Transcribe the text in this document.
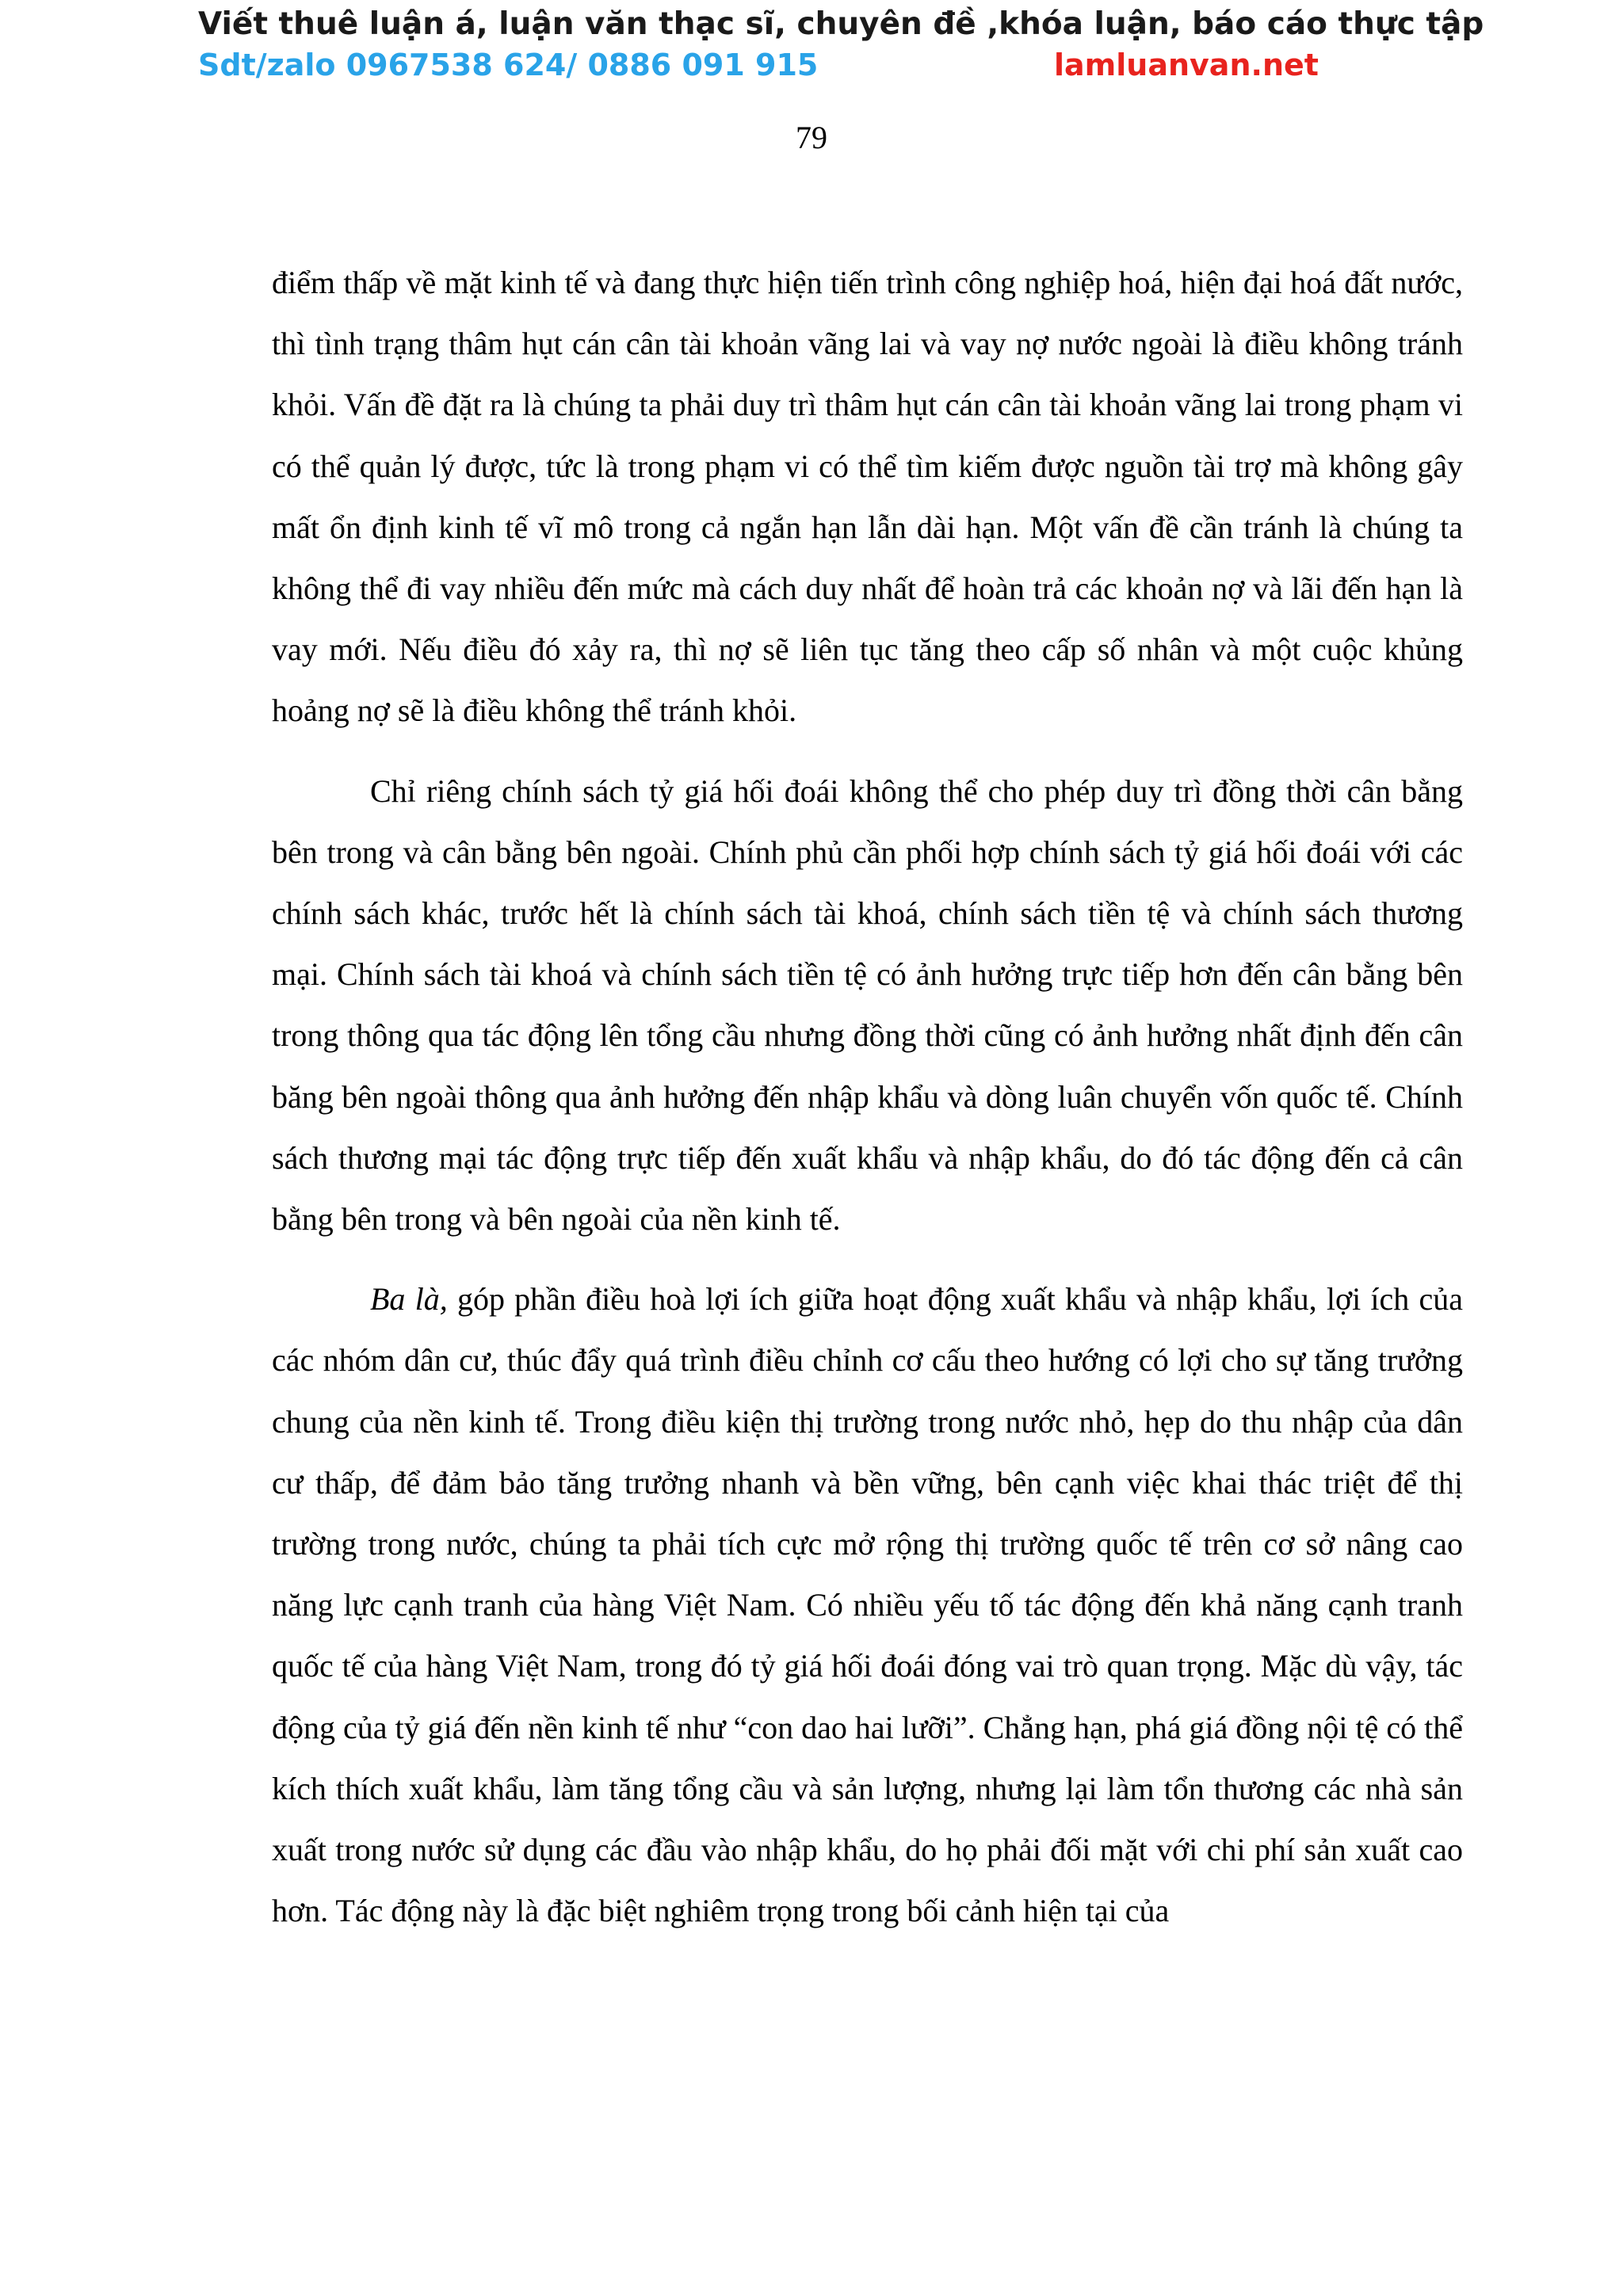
Viết thuê luận á, luận văn thạc sĩ, chuyên đề ,khóa luận, báo cáo thực tập
Sdt/zalo 0967538 624/ 0886 091 915	lamluanvan.net
79

điểm thấp về mặt kinh tế và đang thực hiện tiến trình công nghiệp hoá, hiện đại hoá đất nước, thì tình trạng thâm hụt cán cân tài khoản vãng lai và vay nợ nước ngoài là điều không tránh khỏi. Vấn đề đặt ra là chúng ta phải duy trì thâm hụt cán cân tài khoản vãng lai trong phạm vi có thể quản lý được, tức là trong phạm vi có thể tìm kiếm được nguồn tài trợ mà không gây mất ổn định kinh tế vĩ mô trong cả ngắn hạn lẫn dài hạn. Một vấn đề cần tránh là chúng ta không thể đi vay nhiều đến mức mà cách duy nhất để hoàn trả các khoản nợ và lãi đến hạn là vay mới. Nếu điều đó xảy ra, thì nợ sẽ liên tục tăng theo cấp số nhân và một cuộc khủng hoảng nợ sẽ là điều không thể tránh khỏi.

Chỉ riêng chính sách tỷ giá hối đoái không thể cho phép duy trì đồng thời cân bằng bên trong và cân bằng bên ngoài. Chính phủ cần phối hợp chính sách tỷ giá hối đoái với các chính sách khác, trước hết là chính sách tài khoá, chính sách tiền tệ và chính sách thương mại. Chính sách tài khoá và chính sách tiền tệ có ảnh hưởng trực tiếp hơn đến cân bằng bên trong thông qua tác động lên tổng cầu nhưng đồng thời cũng có ảnh hưởng nhất định đến cân băng bên ngoài thông qua ảnh hưởng đến nhập khẩu và dòng luân chuyển vốn quốc tế. Chính sách thương mại tác động trực tiếp đến xuất khẩu và nhập khẩu, do đó tác động đến cả cân bằng bên trong và bên ngoài của nền kinh tế.

Ba là, góp phần điều hoà lợi ích giữa hoạt động xuất khẩu và nhập khẩu, lợi ích của các nhóm dân cư, thúc đẩy quá trình điều chỉnh cơ cấu theo hướng có lợi cho sự tăng trưởng chung của nền kinh tế. Trong điều kiện thị trường trong nước nhỏ, hẹp do thu nhập của dân cư thấp, để đảm bảo tăng trưởng nhanh và bền vững, bên cạnh việc khai thác triệt để thị trường trong nước, chúng ta phải tích cực mở rộng thị trường quốc tế trên cơ sở nâng cao năng lực cạnh tranh của hàng Việt Nam. Có nhiều yếu tố tác động đến khả năng cạnh tranh quốc tế của hàng Việt Nam, trong đó tỷ giá hối đoái đóng vai trò quan trọng. Mặc dù vậy, tác động của tỷ giá đến nền kinh tế như “con dao hai lưỡi”. Chẳng hạn, phá giá đồng nội tệ có thể kích thích xuất khẩu, làm tăng tổng cầu và sản lượng, nhưng lại làm tổn thương các nhà sản xuất trong nước sử dụng các đầu vào nhập khẩu, do họ phải đối mặt với chi phí sản xuất cao hơn. Tác động này là đặc biệt nghiêm trọng trong bối cảnh hiện tại của
